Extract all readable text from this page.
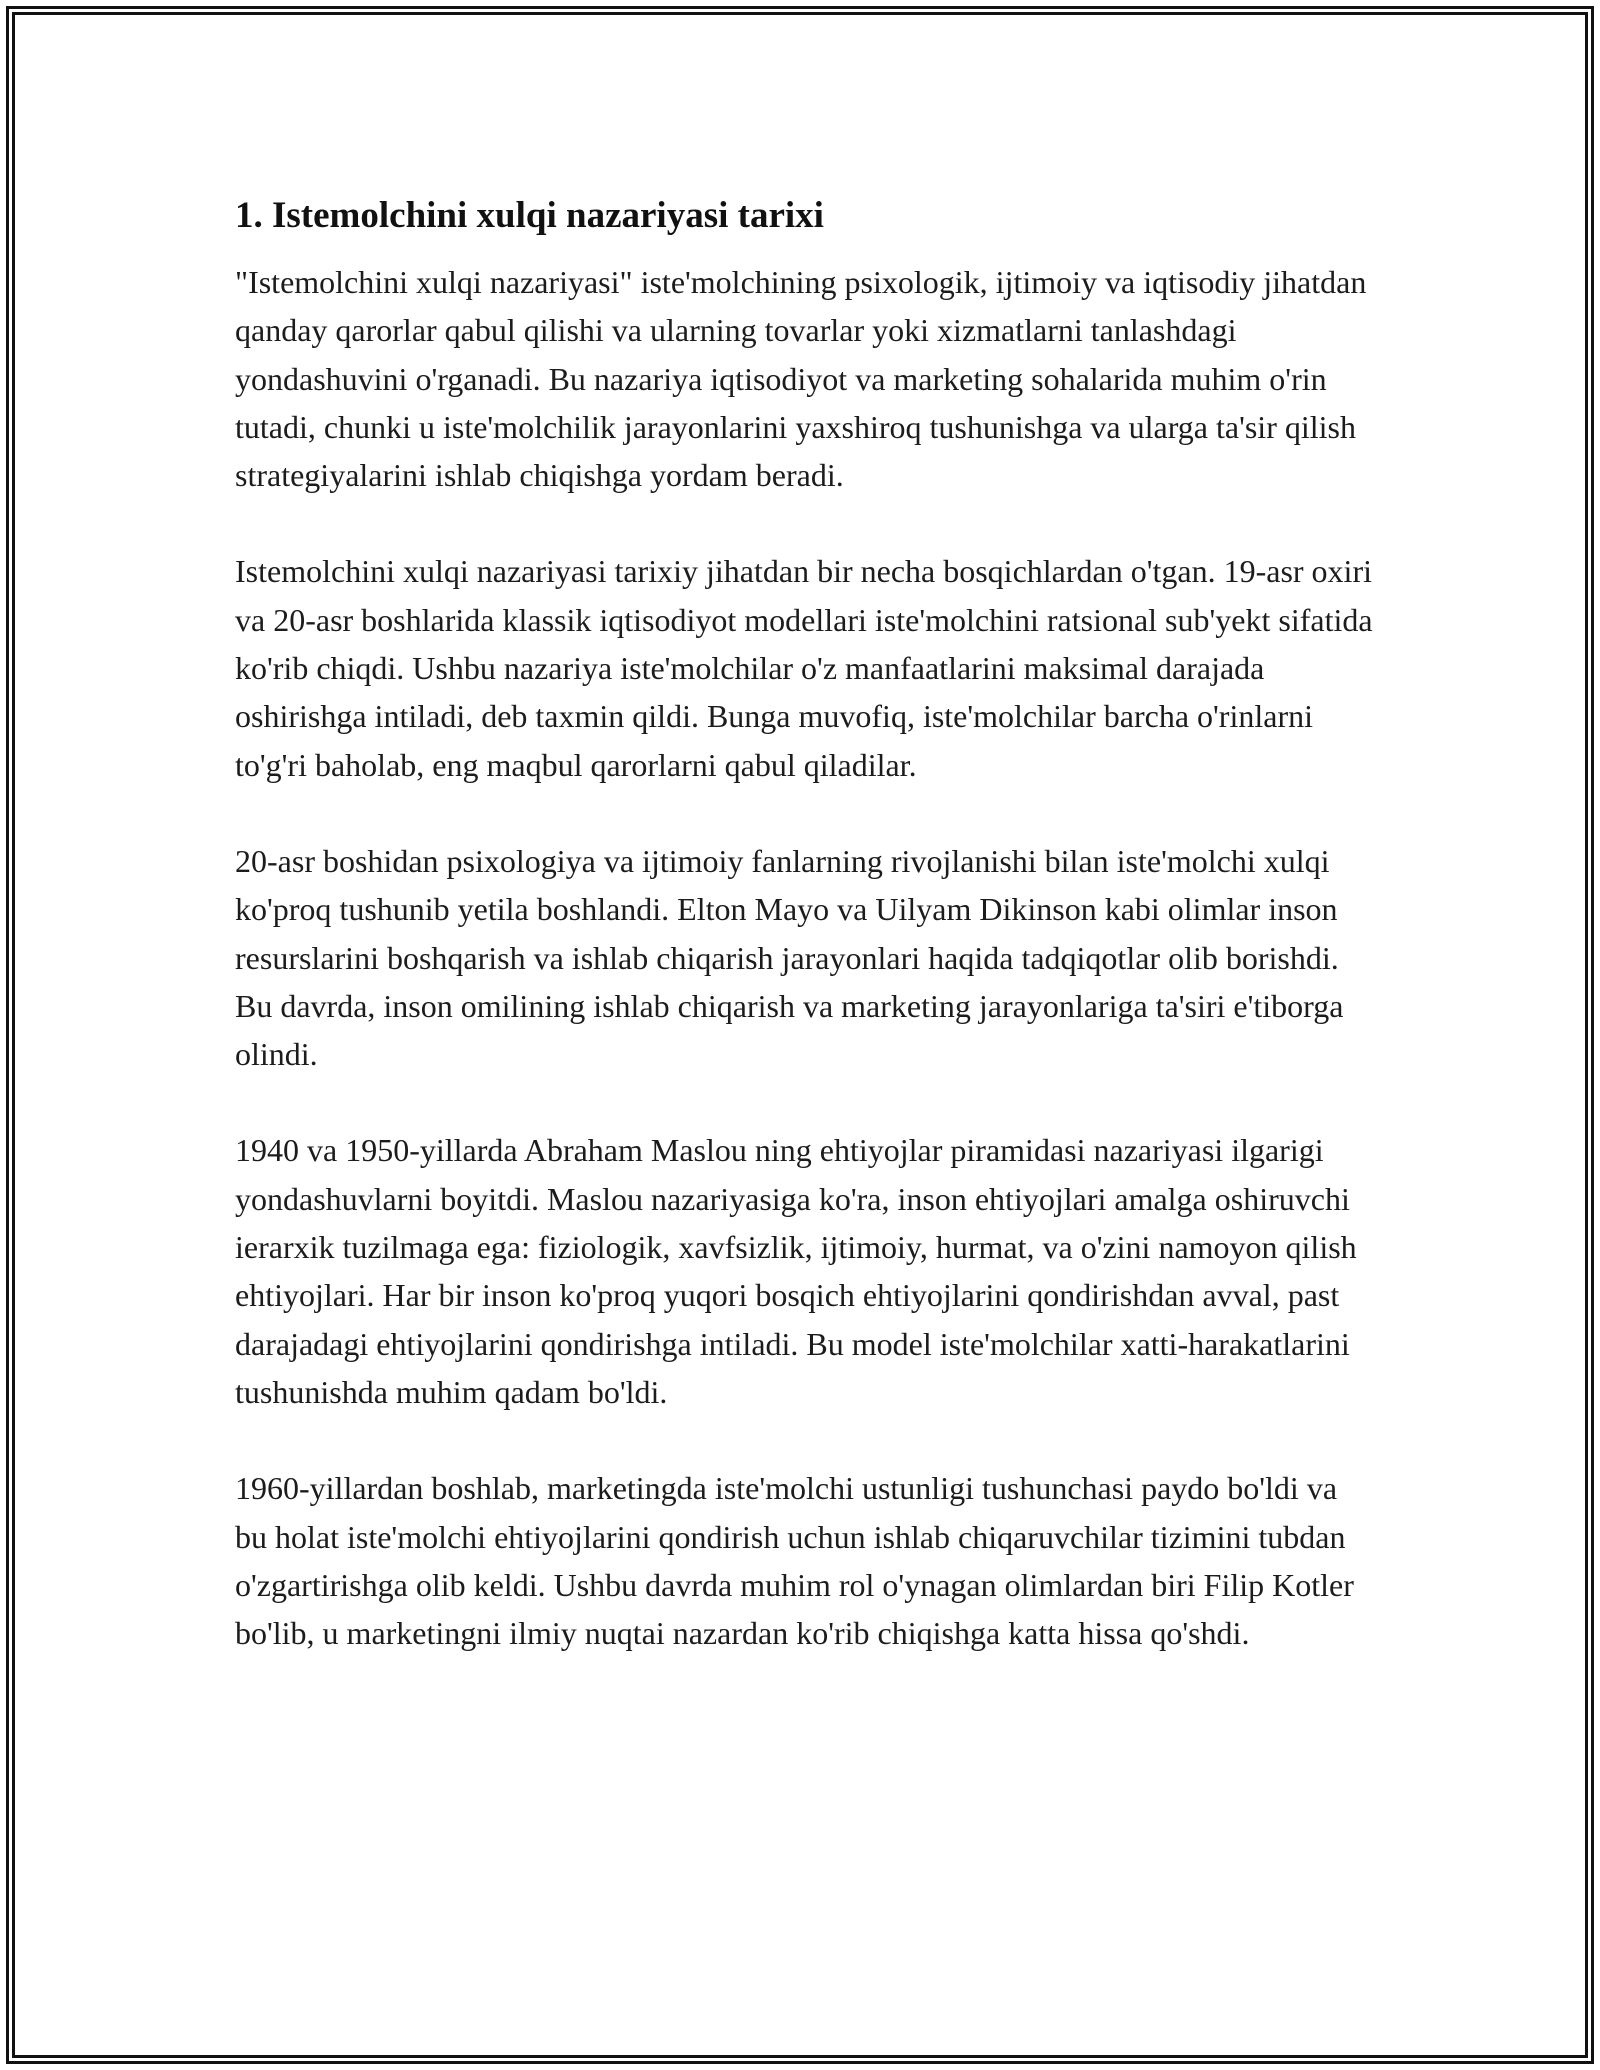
1. Istemolchini xulqi nazariyasi tarixi

"Istemolchini xulqi nazariyasi" iste'molchining psixologik, ijtimoiy va iqtisodiy jihatdan qanday qarorlar qabul qilishi va ularning tovarlar yoki xizmatlarni tanlashdagi yondashuvini o'rganadi. Bu nazariya iqtisodiyot va marketing sohalarida muhim o'rin tutadi, chunki u iste'molchilik jarayonlarini yaxshiroq tushunishga va ularga ta'sir qilish strategiyalarini ishlab chiqishga yordam beradi.

Istemolchini xulqi nazariyasi tarixiy jihatdan bir necha bosqichlardan o'tgan. 19-asr oxiri va 20-asr boshlarida klassik iqtisodiyot modellari iste'molchini ratsional sub'yekt sifatida ko'rib chiqdi. Ushbu nazariya iste'molchilar o'z manfaatlarini maksimal darajada oshirishga intiladi, deb taxmin qildi. Bunga muvofiq, iste'molchilar barcha o'rinlarni to'g'ri baholab, eng maqbul qarorlarni qabul qiladilar.

20-asr boshidan psixologiya va ijtimoiy fanlarning rivojlanishi bilan iste'molchi xulqi ko'proq tushunib yetila boshlandi. Elton Mayo va Uilyam Dikinson kabi olimlar inson resurslarini boshqarish va ishlab chiqarish jarayonlari haqida tadqiqotlar olib borishdi. Bu davrda, inson omilining ishlab chiqarish va marketing jarayonlariga ta'siri e'tiborga olindi.

1940 va 1950-yillarda Abraham Maslou ning ehtiyojlar piramidasi nazariyasi ilgarigi yondashuvlarni boyitdi. Maslou nazariyasiga ko'ra, inson ehtiyojlari amalga oshiruvchi ierarxik tuzilmaga ega: fiziologik, xavfsizlik, ijtimoiy, hurmat, va o'zini namoyon qilish ehtiyojlari. Har bir inson ko'proq yuqori bosqich ehtiyojlarini qondirishdan avval, past darajadagi ehtiyojlarini qondirishga intiladi. Bu model iste'molchilar xatti-harakatlarini tushunishda muhim qadam bo'ldi.

1960-yillardan boshlab, marketingda iste'molchi ustunligi tushunchasi paydo bo'ldi va bu holat iste'molchi ehtiyojlarini qondirish uchun ishlab chiqaruvchilar tizimini tubdan o'zgartirishga olib keldi. Ushbu davrda muhim rol o'ynagan olimlardan biri Filip Kotler bo'lib, u marketingni ilmiy nuqtai nazardan ko'rib chiqishga katta hissa qo'shdi.
